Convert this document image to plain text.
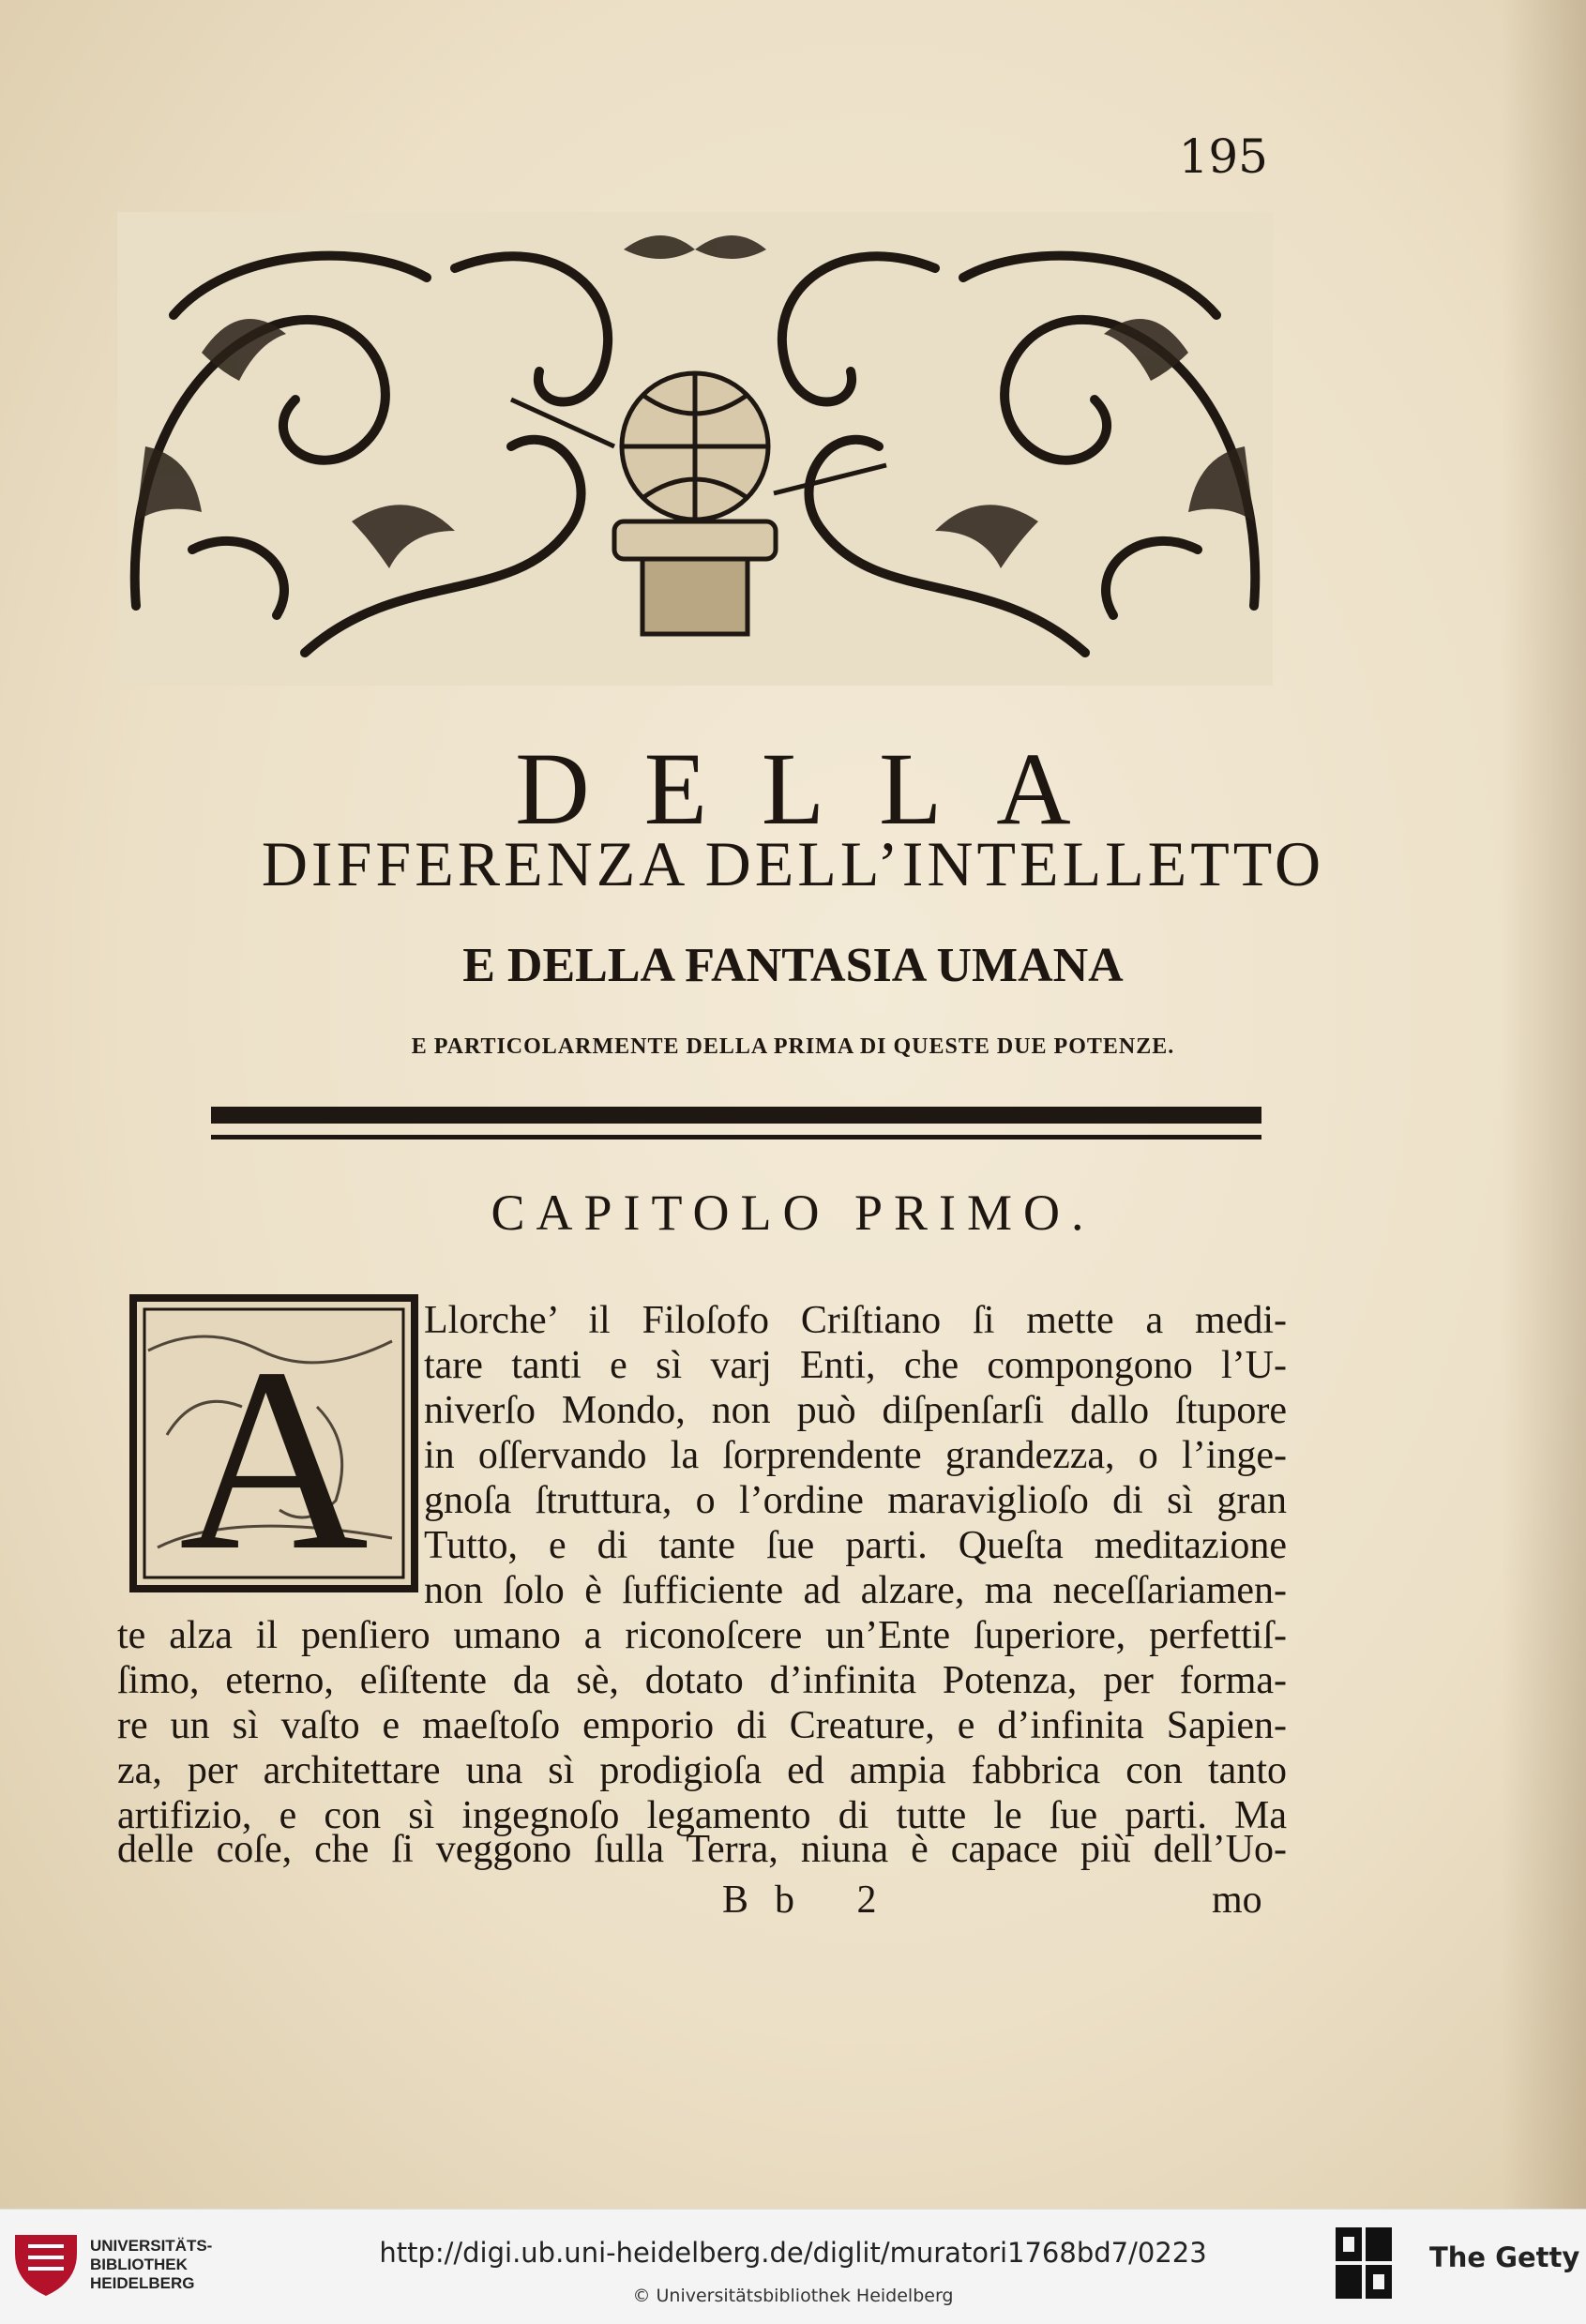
195
DELLA
DIFFERENZA DELL’INTELLETTO
E DELLA FANTASIA UMANA
E PARTICOLARMENTE DELLA PRIMA DI QUESTE DUE POTENZE.
CAPITOLO PRIMO.
A Llorche’ il Filoſofo Criſtiano ſi mette a medi-
tare tanti e sì varj Enti, che compongono l’U-
niverſo Mondo, non può diſpenſarſi dallo ſtupore
in oſſervando la ſorprendente grandezza, o l’inge-
gnoſa ſtruttura, o l’ordine maraviglioſo di sì gran
Tutto, e di tante ſue parti. Queſta meditazione
non ſolo è ſufficiente ad alzare, ma neceſſariamen-
te alza il penſiero umano a riconoſcere un’Ente ſuperiore, perfettiſ-
ſimo, eterno, eſiſtente da sè, dotato d’infinita Potenza, per forma-
re un sì vaſto e maeſtoſo emporio di Creature, e d’infinita Sapien-
za, per architettare una sì prodigioſa ed ampia fabbrica con tanto
artifizio, e con sì ingegnoſo legamento di tutte le ſue parti. Ma
delle coſe, che ſi veggono ſulla Terra, niuna è capace più dell’Uo-
Bb 2	mo
UNIVERSITÄTS-
BIBLIOTHEK
HEIDELBERG
http://digi.ub.uni-heidelberg.de/diglit/muratori1768bd7/0223
© Universitätsbibliothek Heidelberg
The Getty
